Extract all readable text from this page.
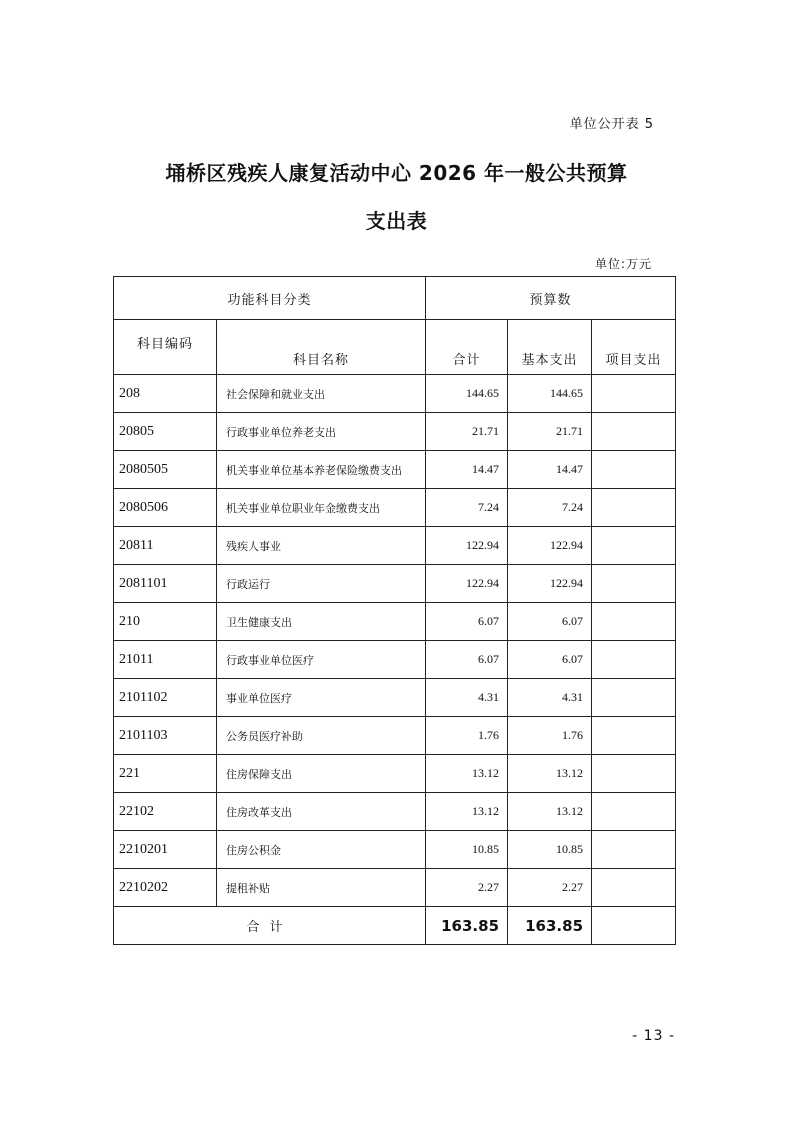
单位公开表 5
埇桥区残疾人康复活动中心 2026 年一般公共预算
支出表
单位:万元
功能科目分类		预算数		
科目编码	科目名称	合计	基本支出	项目支出
208	社会保障和就业支出	144.65	144.65	
20805	行政事业单位养老支出	21.71	21.71	
2080505	机关事业单位基本养老保险缴费支出	14.47	14.47	
2080506	机关事业单位职业年金缴费支出	7.24	7.24	
20811	残疾人事业	122.94	122.94	
2081101	行政运行	122.94	122.94	
210	卫生健康支出	6.07	6.07	
21011	行政事业单位医疗	6.07	6.07	
2101102	事业单位医疗	4.31	4.31	
2101103	公务员医疗补助	1.76	1.76	
221	住房保障支出	13.12	13.12	
22102	住房改革支出	13.12	13.12	
2210201	住房公积金	10.85	10.85	
2210202	提租补贴	2.27	2.27	
合计		163.85	163.85	
- 13 -
